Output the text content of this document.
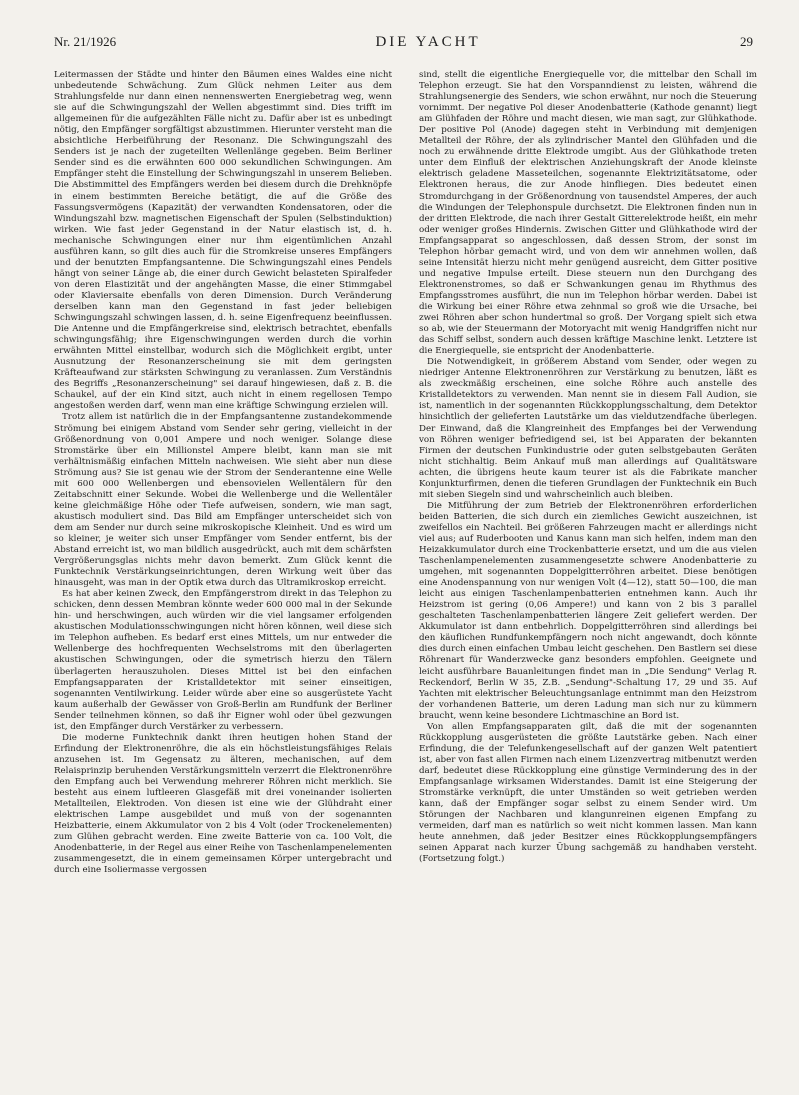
Nr. 21/1926	DIE YACHT	29

Leitermassen der Städte und hinter den Bäumen eines Waldes eine nicht unbedeutende Schwächung. Zum Glück nehmen Leiter aus dem Strahlungsfelde nur dann einen nennenswerten Energiebetrag weg, wenn sie auf die Schwingungszahl der Wellen abgestimmt sind. Dies trifft im allgemeinen für die aufgezählten Fälle nicht zu. Dafür aber ist es unbedingt nötig, den Empfänger sorgfältigst abzustimmen. Hierunter versteht man die absichtliche Herbeiführung der Resonanz. Die Schwingungszahl des Senders ist je nach der zugeteilten Wellenlänge gegeben. Beim Berliner Sender sind es die erwähnten 600 000 sekundlichen Schwingungen. Am Empfänger steht die Einstellung der Schwingungszahl in unserem Belieben. Die Abstimmittel des Empfängers werden bei diesem durch die Drehknöpfe in einem bestimmten Bereiche betätigt, die auf die Größe des Fassungsvermögens (Kapazität) der verwandten Kondensatoren, oder die Windungszahl bzw. magnetischen Eigenschaft der Spulen (Selbstinduktion) wirken. Wie fast jeder Gegenstand in der Natur elastisch ist, d. h. mechanische Schwingungen einer nur ihm eigentümlichen Anzahl ausführen kann, so gilt dies auch für die Stromkreise unseres Empfängers und der benutzten Empfangsantenne. Die Schwingungszahl eines Pendels hängt von seiner Länge ab, die einer durch Gewicht belasteten Spiralfeder von deren Elastizität und der angehängten Masse, die einer Stimmgabel oder Klaviersaite ebenfalls von deren Dimension. Durch Veränderung derselben kann man den Gegenstand in fast jeder beliebigen Schwingungszahl schwingen lassen, d. h. seine Eigenfrequenz beeinflussen. Die Antenne und die Empfängerkreise sind, elektrisch betrachtet, ebenfalls schwingungsfähig; ihre Eigenschwingungen werden durch die vorhin erwähnten Mittel einstellbar, wodurch sich die Möglichkeit ergibt, unter Ausnutzung der Resonanzerscheinung sie mit dem geringsten Kräfteaufwand zur stärksten Schwingung zu veranlassen. Zum Verständnis des Begriffs „Resonanzerscheinung" sei darauf hingewiesen, daß z. B. die Schaukel, auf der ein Kind sitzt, auch nicht in einem regellosen Tempo angestoßen werden darf, wenn man eine kräftige Schwingung erzielen will.

Trotz allem ist natürlich die in der Empfangsantenne zustandekommende Strömung bei einigem Abstand vom Sender sehr gering, vielleicht in der Größenordnung von 0,001 Ampere und noch weniger. Solange diese Stromstärke über ein Millionstel Ampere bleibt, kann man sie mit verhältnismäßig einfachen Mitteln nachweisen. Wie sieht aber nun diese Strömung aus? Sie ist genau wie der Strom der Senderantenne eine Welle mit 600 000 Wellenbergen und ebensovielen Wellentälern für den Zeitabschnitt einer Sekunde. Wobei die Wellenberge und die Wellentäler keine gleichmäßige Höhe oder Tiefe aufweisen, sondern, wie man sagt, akustisch moduliert sind. Das Bild am Empfänger unterscheidet sich von dem am Sender nur durch seine mikroskopische Kleinheit. Und es wird um so kleiner, je weiter sich unser Empfänger vom Sender entfernt, bis der Abstand erreicht ist, wo man bildlich ausgedrückt, auch mit dem schärfsten Vergrößerungsglas nichts mehr davon bemerkt. Zum Glück kennt die Funktechnik Verstärkungseinrichtungen, deren Wirkung weit über das hinausgeht, was man in der Optik etwa durch das Ultramikroskop erreicht.

Es hat aber keinen Zweck, den Empfängerstrom direkt in das Telephon zu schicken, denn dessen Membran könnte weder 600 000 mal in der Sekunde hin- und herschwingen, auch würden wir die viel langsamer erfolgenden akustischen Modulationsschwingungen nicht hören können, weil diese sich im Telephon aufheben. Es bedarf erst eines Mittels, um nur entweder die Wellenberge des hochfrequenten Wechselstroms mit den überlagerten akustischen Schwingungen, oder die symetrisch hierzu den Tälern überlagerten herauszuholen. Dieses Mittel ist bei den einfachen Empfangsapparaten der Kristalldetektor mit seiner einseitigen, sogenannten Ventilwirkung. Leider würde aber eine so ausgerüstete Yacht kaum außerhalb der Gewässer von Groß-Berlin am Rundfunk der Berliner Sender teilnehmen können, so daß ihr Eigner wohl oder übel gezwungen ist, den Empfänger durch Verstärker zu verbessern.

Die moderne Funktechnik dankt ihren heutigen hohen Stand der Erfindung der Elektronenröhre, die als ein höchstleistungsfähiges Relais anzusehen ist. Im Gegensatz zu älteren, mechanischen, auf dem Relaisprinzip beruhenden Verstärkungsmitteln verzerrt die Elektronenröhre den Empfang auch bei Verwendung mehrerer Röhren nicht merklich. Sie besteht aus einem luftleeren Glasgefäß mit drei voneinander isolierten Metallteilen, Elektroden. Von diesen ist eine wie der Glühdraht einer elektrischen Lampe ausgebildet und muß von der sogenannten Heizbatterie, einem Akkumulator von 2 bis 4 Volt (oder Trockenelementen) zum Glühen gebracht werden. Eine zweite Batterie von ca. 100 Volt, die Anodenbatterie, in der Regel aus einer Reihe von Taschenlampenelementen zusammengesetzt, die in einem gemeinsamen Körper untergebracht und durch eine Isoliermasse vergossen

sind, stellt die eigentliche Energiequelle vor, die mittelbar den Schall im Telephon erzeugt. Sie hat den Vorspanndienst zu leisten, während die Strahlungsenergie des Senders, wie schon erwähnt, nur noch die Steuerung vornimmt. Der negative Pol dieser Anodenbatterie (Kathode genannt) liegt am Glühfaden der Röhre und macht diesen, wie man sagt, zur Glühkathode. Der positive Pol (Anode) dagegen steht in Verbindung mit demjenigen Metallteil der Röhre, der als zylindrischer Mantel den Glühfaden und die noch zu erwähnende dritte Elektrode umgibt. Aus der Glühkathode treten unter dem Einfluß der elektrischen Anziehungskraft der Anode kleinste elektrisch geladene Masseteilchen, sogenannte Elektrizitätsatome, oder Elektronen heraus, die zur Anode hinfliegen. Dies bedeutet einen Stromdurchgang in der Größenordnung von tausendstel Amperes, der auch die Windungen der Telephonspule durchsetzt. Die Elektronen finden nun in der dritten Elektrode, die nach ihrer Gestalt Gitterelektrode heißt, ein mehr oder weniger großes Hindernis. Zwischen Gitter und Glühkathode wird der Empfangsapparat so angeschlossen, daß dessen Strom, der sonst im Telephon hörbar gemacht wird, und von dem wir annehmen wollen, daß seine Intensität hierzu nicht mehr genügend ausreicht, dem Gitter positive und negative Impulse erteilt. Diese steuern nun den Durchgang des Elektronenstromes, so daß er Schwankungen genau im Rhythmus des Empfangsstromes ausführt, die nun im Telephon hörbar werden. Dabei ist die Wirkung bei einer Röhre etwa zehnmal so groß wie die Ursache, bei zwei Röhren aber schon hundertmal so groß. Der Vorgang spielt sich etwa so ab, wie der Steuermann der Motoryacht mit wenig Handgriffen nicht nur das Schiff selbst, sondern auch dessen kräftige Maschine lenkt. Letztere ist die Energiequelle, sie entspricht der Anodenbatterie.

Die Notwendigkeit, in größerem Abstand vom Sender, oder wegen zu niedriger Antenne Elektronenröhren zur Verstärkung zu benutzen, läßt es als zweckmäßig erscheinen, eine solche Röhre auch anstelle des Kristalldetektors zu verwenden. Man nennt sie in diesem Fall Audion, sie ist, namentlich in der sogenannten Rückkopplungsschaltung, dem Detektor hinsichtlich der gelieferten Lautstärke um das vieldutzendfache überlegen. Der Einwand, daß die Klangreinheit des Empfanges bei der Verwendung von Röhren weniger befriedigend sei, ist bei Apparaten der bekannten Firmen der deutschen Funkindustrie oder guten selbstgebauten Geräten nicht stichhaltig. Beim Ankauf muß man allerdings auf Qualitätsware achten, die übrigens heute kaum teurer ist als die Fabrikate mancher Konjunkturfirmen, denen die tieferen Grundlagen der Funktechnik ein Buch mit sieben Siegeln sind und wahrscheinlich auch bleiben.

Die Mitführung der zum Betrieb der Elektronenröhren erforderlichen beiden Batterien, die sich durch ein ziemliches Gewicht auszeichnen, ist zweifellos ein Nachteil. Bei größeren Fahrzeugen macht er allerdings nicht viel aus; auf Ruderbooten und Kanus kann man sich helfen, indem man den Heizakkumulator durch eine Trockenbatterie ersetzt, und um die aus vielen Taschenlampenelementen zusammengesetzte schwere Anodenbatterie zu umgehen, mit sogenannten Doppelgitterröhren arbeitet. Diese benötigen eine Anodenspannung von nur wenigen Volt (4—12), statt 50—100, die man leicht aus einigen Taschenlampenbatterien entnehmen kann. Auch ihr Heizstrom ist gering (0,06 Ampere!) und kann von 2 bis 3 parallel geschalteten Taschenlampenbatterien längere Zeit geliefert werden. Der Akkumulator ist dann entbehrlich. Doppelgitterröhren sind allerdings bei den käuflichen Rundfunkempfängern noch nicht angewandt, doch könnte dies durch einen einfachen Umbau leicht geschehen. Den Bastlern sei diese Röhrenart für Wanderzwecke ganz besonders empfohlen. Geeignete und leicht ausführbare Bauanleitungen findet man in „Die Sendung" Verlag R. Reckendorf, Berlin W 35, Z.B. „Sendung"-Schaltung 17, 29 und 35. Auf Yachten mit elektrischer Beleuchtungsanlage entnimmt man den Heizstrom der vorhandenen Batterie, um deren Ladung man sich nur zu kümmern braucht, wenn keine besondere Lichtmaschine an Bord ist.

Von allen Empfangsapparaten gilt, daß die mit der sogenannten Rückkopplung ausgerüsteten die größte Lautstärke geben. Nach einer Erfindung, die der Telefunkengesellschaft auf der ganzen Welt patentiert ist, aber von fast allen Firmen nach einem Lizenzvertrag mitbenutzt werden darf, bedeutet diese Rückkopplung eine günstige Verminderung des in der Empfangsanlage wirksamen Widerstandes. Damit ist eine Steigerung der Stromstärke verknüpft, die unter Umständen so weit getrieben werden kann, daß der Empfänger sogar selbst zu einem Sender wird. Um Störungen der Nachbaren und klangunreinen eigenen Empfang zu vermeiden, darf man es natürlich so weit nicht kommen lassen. Man kann heute annehmen, daß jeder Besitzer eines Rückkopplungsempfängers seinen Apparat nach kurzer Übung sachgemäß zu handhaben versteht. (Fortsetzung folgt.)
